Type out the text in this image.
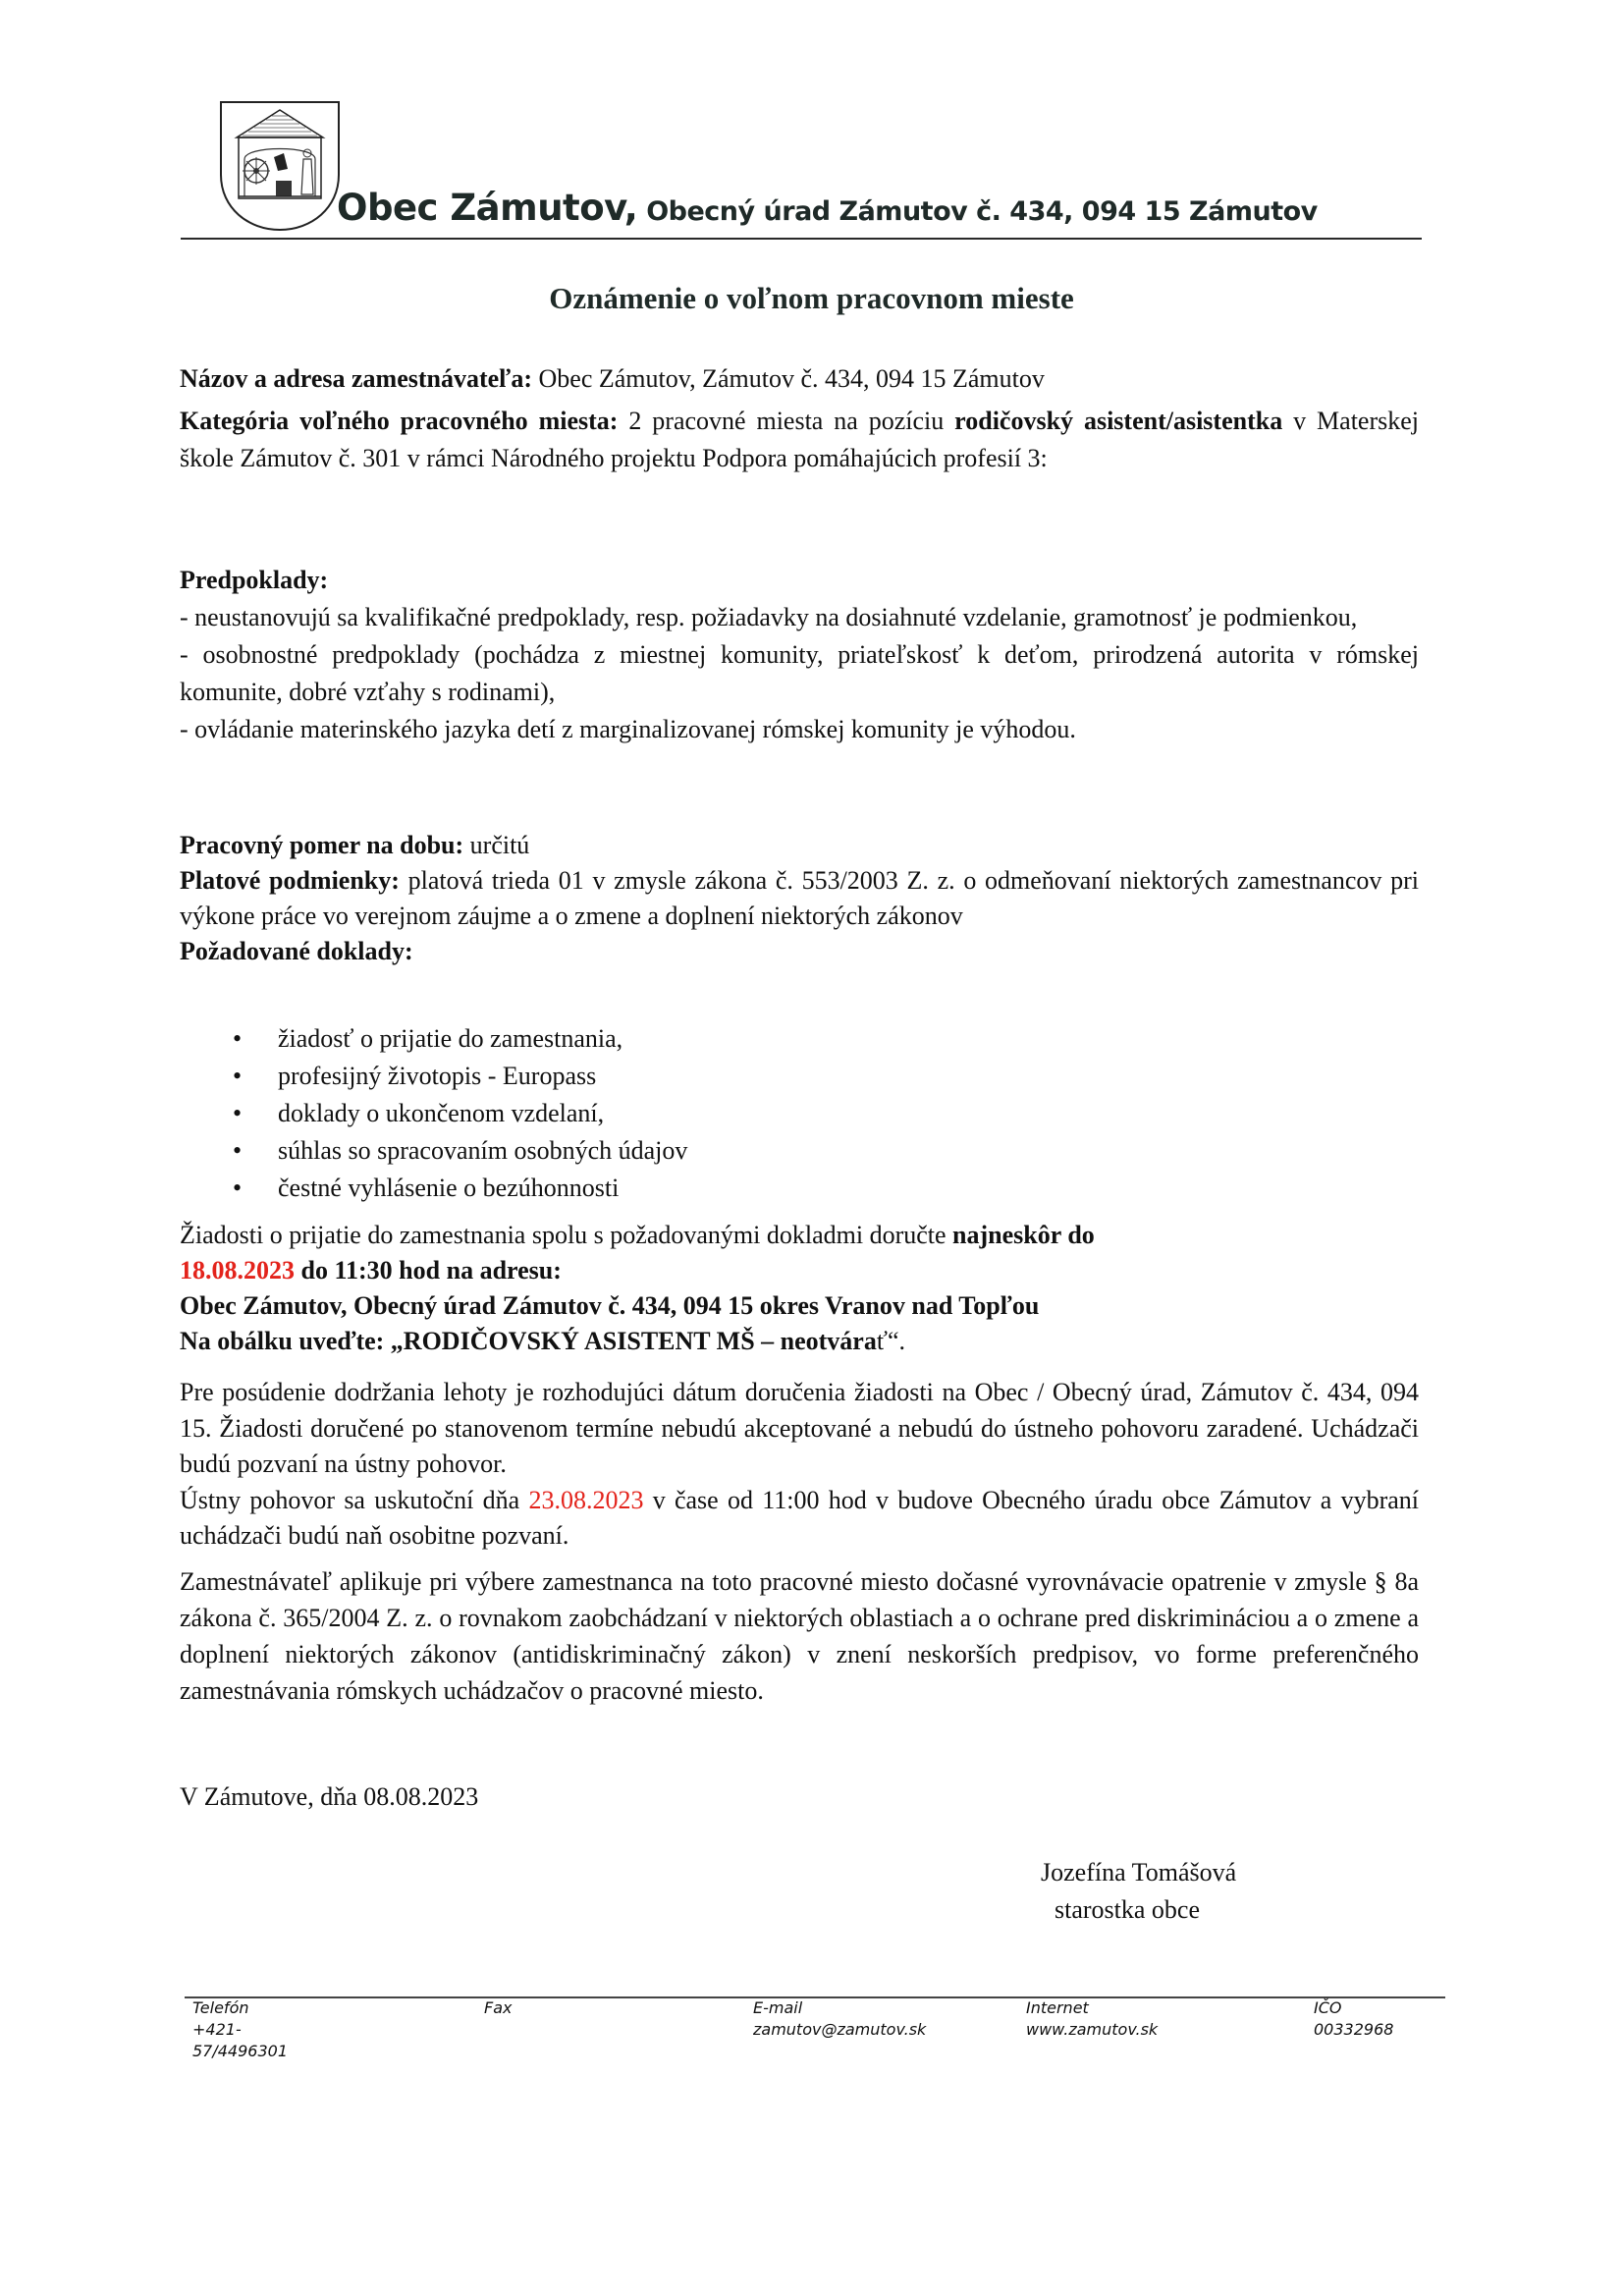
Obec Zámutov, Obecný úrad Zámutov č. 434, 094 15 Zámutov
Oznámenie o voľnom pracovnom mieste

Názov a adresa zamestnávateľa: Obec Zámutov, Zámutov č. 434, 094 15 Zámutov

Kategória voľného pracovného miesta: 2 pracovné miesta na pozíciu rodičovský asistent/asistentka v Materskej škole Zámutov č. 301 v rámci Národného projektu Podpora pomáhajúcich profesií 3:

Predpoklady:

- neustanovujú sa kvalifikačné predpoklady, resp. požiadavky na dosiahnuté vzdelanie, gramotnosť je podmienkou,

- osobnostné predpoklady (pochádza z miestnej komunity, priateľskosť k deťom, prirodzená autorita v rómskej komunite, dobré vzťahy s rodinami),

- ovládanie materinského jazyka detí z marginalizovanej rómskej komunity je výhodou.

Pracovný pomer na dobu: určitú

Platové podmienky: platová trieda 01 v zmysle zákona č. 553/2003 Z. z. o odmeňovaní niektorých zamestnancov pri výkone práce vo verejnom záujme a o zmene a doplnení niektorých zákonov

Požadované doklady:

• žiadosť o prijatie do zamestnania,
• profesijný životopis - Europass
• doklady o ukončenom vzdelaní,
• súhlas so spracovaním osobných údajov
• čestné vyhlásenie o bezúhonnosti

Žiadosti o prijatie do zamestnania spolu s požadovanými dokladmi doručte najneskôr do
18.08.2023 do 11:30 hod na adresu:

Obec Zámutov, Obecný úrad Zámutov č. 434, 094 15 okres Vranov nad Topľou

Na obálku uveďte: „RODIČOVSKÝ ASISTENT MŠ – neotvárať“.

Pre posúdenie dodržania lehoty je rozhodujúci dátum doručenia žiadosti na Obec / Obecný úrad, Zámutov č. 434, 094 15. Žiadosti doručené po stanovenom termíne nebudú akceptované a nebudú do ústneho pohovoru zaradené. Uchádzači budú pozvaní na ústny pohovor.

Ústny pohovor sa uskutoční dňa 23.08.2023 v čase od 11:00 hod v budove Obecného úradu obce Zámutov a vybraní uchádzači budú naň osobitne pozvaní.

Zamestnávateľ aplikuje pri výbere zamestnanca na toto pracovné miesto dočasné vyrovnávacie opatrenie v zmysle § 8a zákona č. 365/2004 Z. z. o rovnakom zaobchádzaní v niektorých oblastiach a o ochrane pred diskrimináciou a o zmene a doplnení niektorých zákonov (antidiskriminačný zákon) v znení neskorších predpisov, vo forme preferenčného zamestnávania rómskych uchádzačov o pracovné miesto.

V Zámutove, dňa 08.08.2023
Jozefína Tomášová
starostka obce
Telefón
+421-
57/4496301
Fax	E-mail
zamutov@zamutov.sk
Internet
www.zamutov.sk
IČO
00332968
